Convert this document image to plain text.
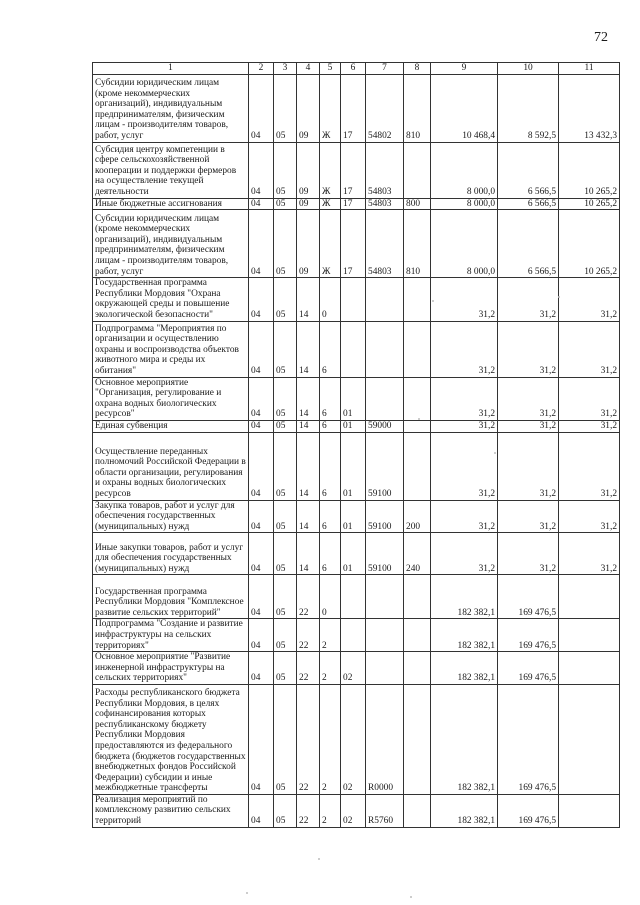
72
1	2	3	4	5	6	7	8	9	10	11
Субсидии юридическим лицам (кроме некоммерческих организаций), индивидуальным предпринимателям, физическим лицам - производителям товаров, работ, услуг	04	05	09	Ж	17	54802	810	10 468,4	8 592,5	13 432,3
Субсидия центру компетенции в сфере сельскохозяйственной кооперации и поддержки фермеров на осуществление текущей деятельности	04	05	09	Ж	17	54803		8 000,0	6 566,5	10 265,2
Иные бюджетные ассигнования	04	05	09	Ж	17	54803	800	8 000,0	6 566,5	10 265,2
Субсидии юридическим лицам (кроме некоммерческих организаций), индивидуальным предпринимателям, физическим лицам - производителям товаров, работ, услуг	04	05	09	Ж	17	54803	810	8 000,0	6 566,5	10 265,2
Государственная программа Республики Мордовия "Охрана окружающей среды и повышение экологической безопасности"	04	05	14	0				31,2	31,2	31,2
Подпрограмма "Мероприятия по организации и осуществлению охраны и воспроизводства объектов животного мира и среды их обитания"	04	05	14	6				31,2	31,2	31,2
Основное мероприятие "Организация, регулирование и охрана водных биологических ресурсов"	04	05	14	6	01			31,2	31,2	31,2
Единая субвенция	04	05	14	6	01	59000		31,2	31,2	31,2
Осуществление переданных полномочий Российской Федерации в области организации, регулирования и охраны водных биологических ресурсов	04	05	14	6	01	59100		31,2	31,2	31,2
Закупка товаров, работ и услуг для обеспечения государственных (муниципальных) нужд	04	05	14	6	01	59100	200	31,2	31,2	31,2
Иные закупки товаров, работ и услуг для обеспечения государственных (муниципальных) нужд	04	05	14	6	01	59100	240	31,2	31,2	31,2
Государственная программа Республики Мордовия "Комплексное развитие сельских территорий"	04	05	22	0				182 382,1	169 476,5	
Подпрограмма "Создание и развитие инфраструктуры на сельских территориях"	04	05	22	2				182 382,1	169 476,5	
Основное мероприятие "Развитие инженерной инфраструктуры на сельских территориях"	04	05	22	2	02			182 382,1	169 476,5	
Расходы республиканского бюджета Республики Мордовия, в целях софинансирования которых республиканскому бюджету Республики Мордовия предоставляются из федерального бюджета (бюджетов государственных внебюджетных фондов Российской Федерации) субсидии и иные межбюджетные трансферты	04	05	22	2	02	R0000		182 382,1	169 476,5	
Реализация мероприятий по комплексному развитию сельских территорий	04	05	22	2	02	R5760		182 382,1	169 476,5	
